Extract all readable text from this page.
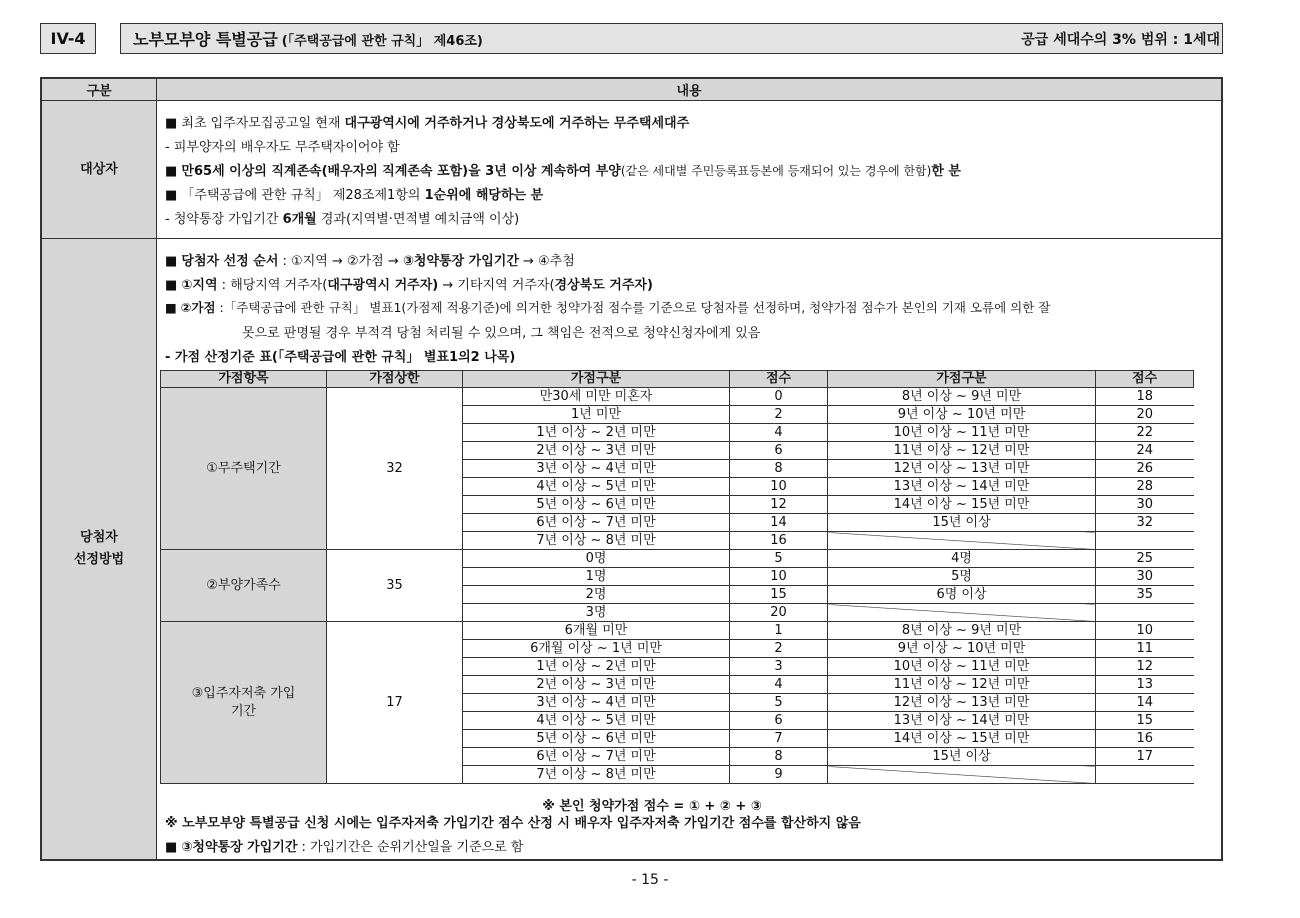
IV-4	노부모부양 특별공급 (「주택공급에 관한 규칙」 제46조)	공급 세대수의 3% 범위 : 1세대
구분	내용
대상자
■ 최초 입주자모집공고일 현재 대구광역시에 거주하거나 경상북도에 거주하는 무주택세대주
- 피부양자의 배우자도 무주택자이어야 함
■ 만65세 이상의 직계존속(배우자의 직계존속 포함)을 3년 이상 계속하여 부양(같은 세대별 주민등록표등본에 등재되어 있는 경우에 한함)한 분
■ 「주택공급에 관한 규칙」 제28조제1항의 1순위에 해당하는 분
- 청약통장 가입기간 6개월 경과(지역별·면적별 예치금액 이상)
당첨자
선정방법
■ 당첨자 선정 순서 : ①지역 → ②가점 → ③청약통장 가입기간 → ④추첨
■ ①지역 : 해당지역 거주자(대구광역시 거주자) → 기타지역 거주자(경상북도 거주자)
■ ②가점 :「주택공급에 관한 규칙」 별표1(가점제 적용기준)에 의거한 청약가점 점수를 기준으로 당첨자를 선정하며, 청약가점 점수가 본인의 기재 오류에 의한 잘
못으로 판명될 경우 부적격 당첨 처리될 수 있으며, 그 책임은 전적으로 청약신청자에게 있음
- 가점 산정기준 표(「주택공급에 관한 규칙」 별표1의2 나목)
※ 본인 청약가점 점수 = ① + ② + ③
※ 노부모부양 특별공급 신청 시에는 입주자저축 가입기간 점수 산정 시 배우자 입주자저축 가입기간 점수를 합산하지 않음
■ ③청약통장 가입기간 : 가입기간은 순위기산일을 기준으로 함
가점항목	가점상한	가점구분	점수	가점구분	점수
①무주택기간	32	만30세 미만 미혼자	0	8년 이상 ~ 9년 미만	18
		1년 미만	2	9년 이상 ~ 10년 미만	20
		1년 이상 ~ 2년 미만	4	10년 이상 ~ 11년 미만	22
		2년 이상 ~ 3년 미만	6	11년 이상 ~ 12년 미만	24
		3년 이상 ~ 4년 미만	8	12년 이상 ~ 13년 미만	26
		4년 이상 ~ 5년 미만	10	13년 이상 ~ 14년 미만	28
		5년 이상 ~ 6년 미만	12	14년 이상 ~ 15년 미만	30
		6년 이상 ~ 7년 미만	14	15년 이상	32
		7년 이상 ~ 8년 미만	16		
②부양가족수	35	0명	5	4명	25
		1명	10	5명	30
		2명	15	6명 이상	35
		3명	20		
③입주자저축 가입기간	17	6개월 미만	1	8년 이상 ~ 9년 미만	10
		6개월 이상 ~ 1년 미만	2	9년 이상 ~ 10년 미만	11
		1년 이상 ~ 2년 미만	3	10년 이상 ~ 11년 미만	12
		2년 이상 ~ 3년 미만	4	11년 이상 ~ 12년 미만	13
		3년 이상 ~ 4년 미만	5	12년 이상 ~ 13년 미만	14
		4년 이상 ~ 5년 미만	6	13년 이상 ~ 14년 미만	15
		5년 이상 ~ 6년 미만	7	14년 이상 ~ 15년 미만	16
		6년 이상 ~ 7년 미만	8	15년 이상	17
		7년 이상 ~ 8년 미만	9		
- 15 -
